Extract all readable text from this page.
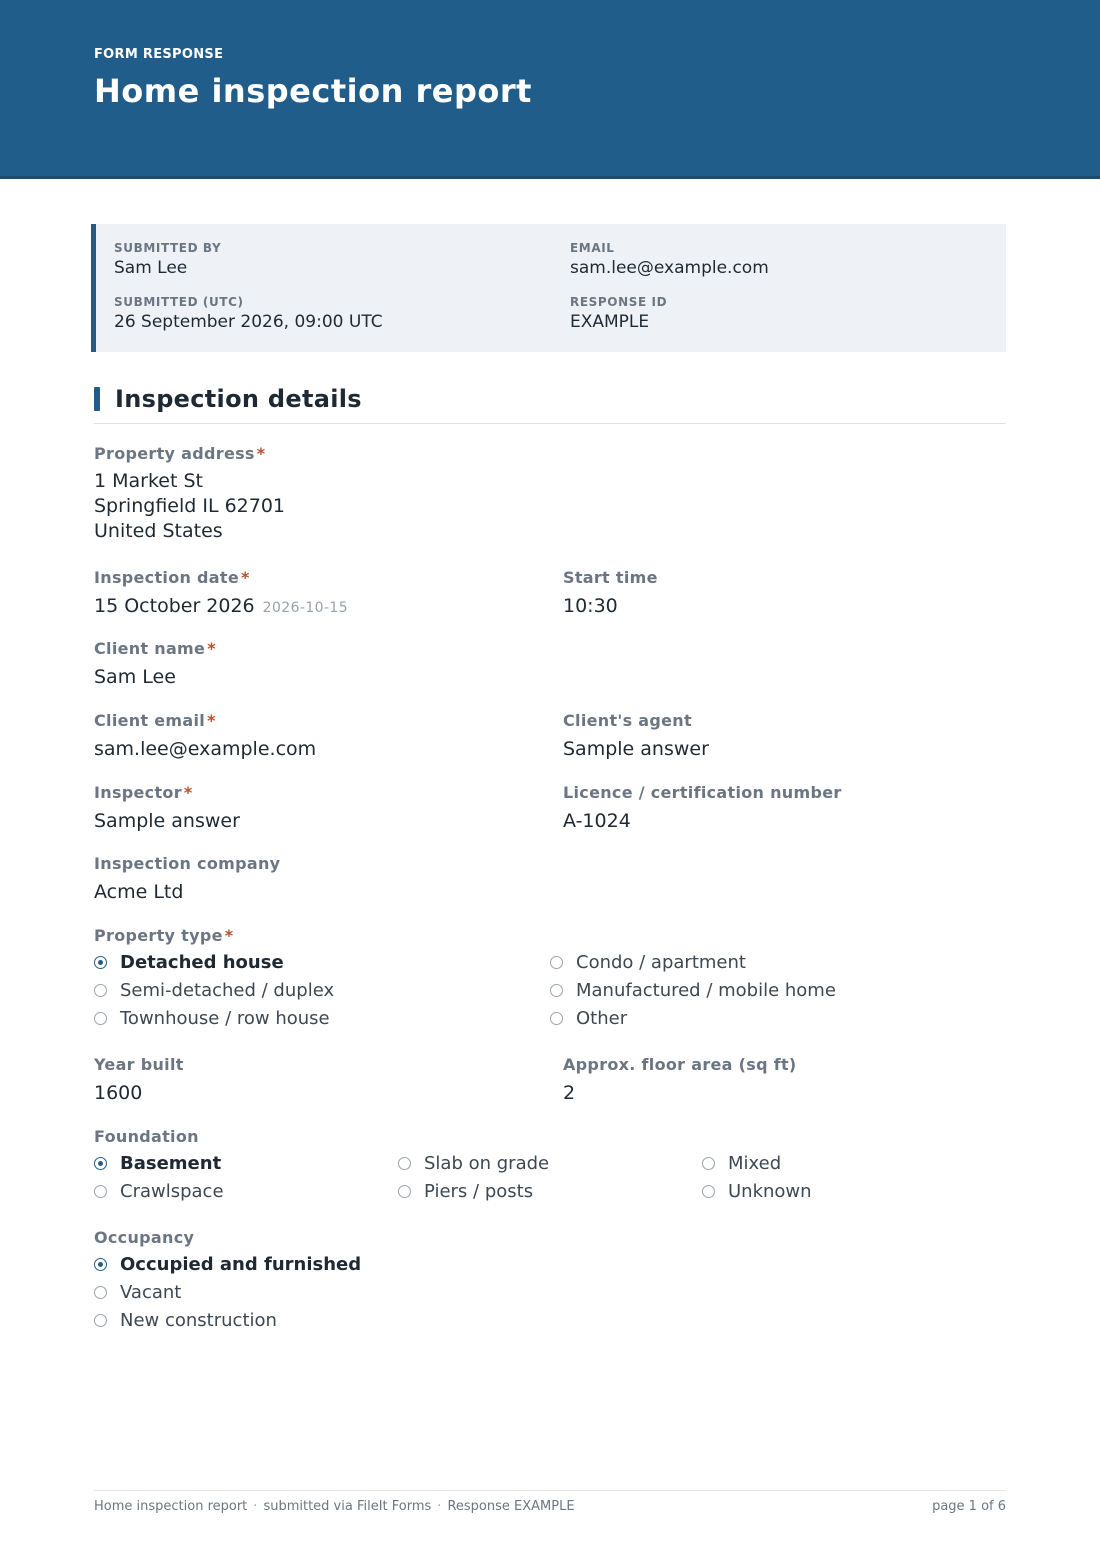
FORM RESPONSE
Home inspection report
SUBMITTED BY
Sam Lee
EMAIL
sam.lee@example.com
SUBMITTED (UTC)
26 September 2026, 09:00 UTC
RESPONSE ID
EXAMPLE
Inspection details
Property address *
1 Market St
Springfield IL 62701
United States
Inspection date *
15 October 2026 2026-10-15
Start time
10:30
Client name *
Sam Lee
Client email *
sam.lee@example.com
Client's agent
Sample answer
Inspector *
Sample answer
Licence / certification number
A-1024
Inspection company
Acme Ltd
Property type *
Detached house
Semi-detached / duplex
Townhouse / row house
Condo / apartment
Manufactured / mobile home
Other
Year built
1600
Approx. floor area (sq ft)
2
Foundation
Basement
Crawlspace
Slab on grade
Piers / posts
Mixed
Unknown
Occupancy
Occupied and furnished
Vacant
New construction
Home inspection report · submitted via FileIt Forms · Response EXAMPLE	page 1 of 6
